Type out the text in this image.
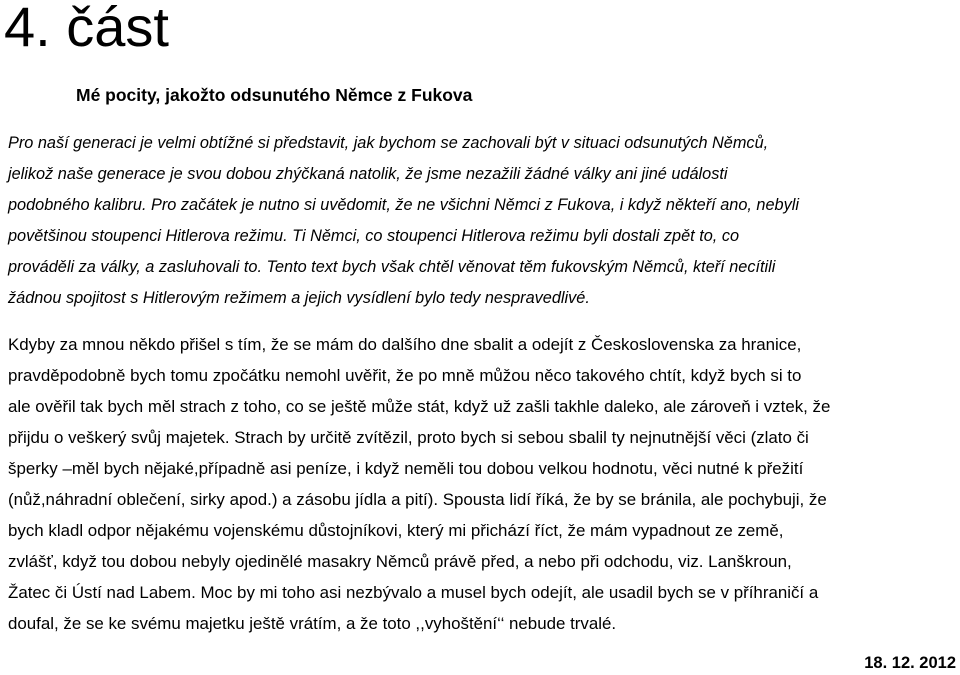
4. část
Mé pocity, jakožto odsunutého Němce z Fukova
Pro naší generaci je velmi obtížné si představit, jak bychom se zachovali být v situaci odsunutých Němců,
jelikož naše generace je svou dobou zhýčkaná natolik, že jsme nezažili žádné války ani jiné události
podobného kalibru. Pro začátek je nutno si uvědomit, že ne všichni Němci z Fukova, i když někteří ano, nebyli
povětšinou stoupenci Hitlerova režimu. Ti Němci, co stoupenci Hitlerova režimu byli dostali zpět to, co
prováděli za války, a zasluhovali to. Tento text bych však chtěl věnovat těm fukovským Němců, kteří necítili
žádnou spojitost s Hitlerovým režimem a jejich vysídlení bylo tedy nespravedlivé.
Kdyby za mnou někdo přišel s tím, že se mám do dalšího dne sbalit a odejít z Československa za hranice,
pravděpodobně bych tomu zpočátku nemohl uvěřit, že po mně můžou něco takového chtít, když bych si to
ale ověřil tak bych měl strach z toho, co se ještě může stát, když už zašli takhle daleko, ale zároveň i vztek, že
přijdu o veškerý svůj majetek. Strach by určitě zvítězil, proto bych si sebou sbalil ty nejnutnější věci (zlato či
šperky –měl bych nějaké,případně asi peníze, i když neměli tou dobou velkou hodnotu, věci nutné k přežití
(nůž,náhradní oblečení, sirky apod.) a zásobu jídla a pití). Spousta lidí říká, že by se bránila, ale pochybuji, že
bych kladl odpor nějakému vojenskému důstojníkovi, který mi přichází říct, že mám vypadnout ze země,
zvlášť, když tou dobou nebyly ojedinělé masakry Němců právě před, a nebo při odchodu, viz. Lanškroun,
Žatec či Ústí nad Labem. Moc by mi toho asi nezbývalo a musel bych odejít, ale usadil bych se v příhraničí a
doufal, že se ke svému majetku ještě vrátím, a že toto ,,vyhoštění‘‘ nebude trvalé.

18. 12. 2012
